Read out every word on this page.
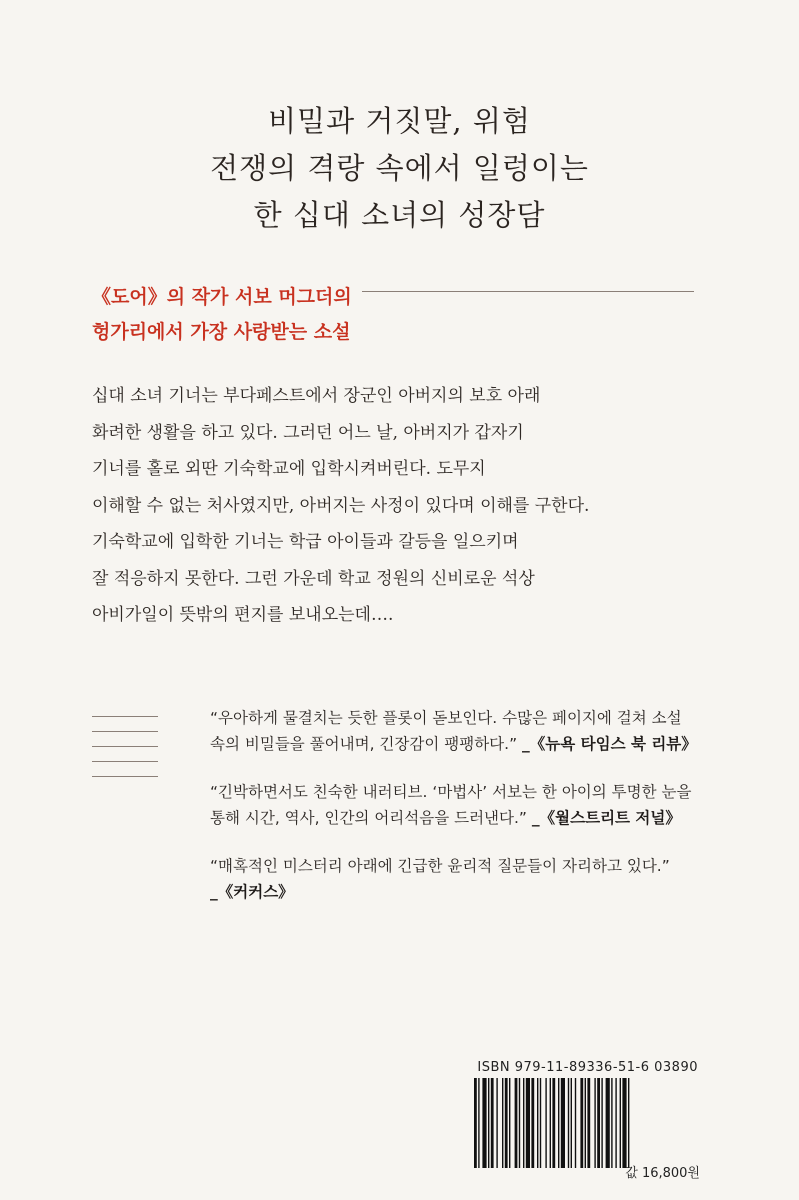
비밀과 거짓말, 위험
전쟁의 격랑 속에서 일렁이는
한 십대 소녀의 성장담
《도어》의 작가 서보 머그더의
헝가리에서 가장 사랑받는 소설
십대 소녀 기너는 부다페스트에서 장군인 아버지의 보호 아래
화려한 생활을 하고 있다. 그러던 어느 날, 아버지가 갑자기
기너를 홀로 외딴 기숙학교에 입학시켜버린다. 도무지
이해할 수 없는 처사였지만, 아버지는 사정이 있다며 이해를 구한다.
기숙학교에 입학한 기너는 학급 아이들과 갈등을 일으키며
잘 적응하지 못한다. 그런 가운데 학교 정원의 신비로운 석상
아비가일이 뜻밖의 편지를 보내오는데….
“우아하게 물결치는 듯한 플롯이 돋보인다. 수많은 페이지에 걸쳐 소설
속의 비밀들을 풀어내며, 긴장감이 팽팽하다.” _《뉴욕 타임스 북 리뷰》
“긴박하면서도 친숙한 내러티브. ‘마법사’ 서보는 한 아이의 투명한 눈을
통해 시간, 역사, 인간의 어리석음을 드러낸다.” _《월스트리트 저널》
“매혹적인 미스터리 아래에 긴급한 윤리적 질문들이 자리하고 있다.”
_《커커스》
ISBN 979-11-89336-51-6 03890
값 16,800원
